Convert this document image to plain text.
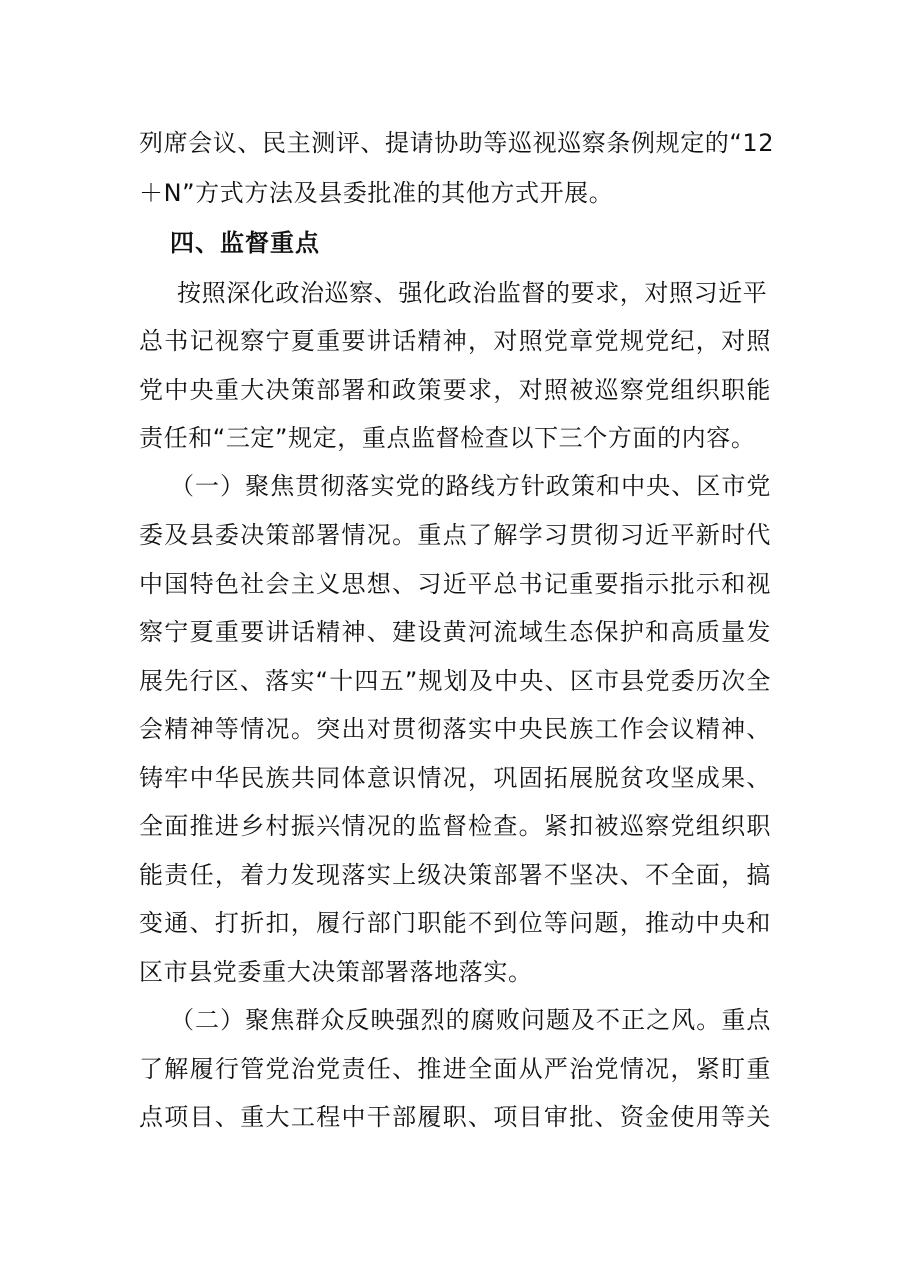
列席会议、民主测评、提请协助等巡视巡察条例规定的“12
＋N”方式方法及县委批准的其他方式开展。
四、监督重点
按照深化政治巡察、强化政治监督的要求，对照习近平
总书记视察宁夏重要讲话精神，对照党章党规党纪，对照
党中央重大决策部署和政策要求，对照被巡察党组织职能
责任和“三定”规定，重点监督检查以下三个方面的内容。
（一）聚焦贯彻落实党的路线方针政策和中央、区市党
委及县委决策部署情况。重点了解学习贯彻习近平新时代
中国特色社会主义思想、习近平总书记重要指示批示和视
察宁夏重要讲话精神、建设黄河流域生态保护和高质量发
展先行区、落实“十四五”规划及中央、区市县党委历次全
会精神等情况。突出对贯彻落实中央民族工作会议精神、
铸牢中华民族共同体意识情况，巩固拓展脱贫攻坚成果、
全面推进乡村振兴情况的监督检查。紧扣被巡察党组织职
能责任，着力发现落实上级决策部署不坚决、不全面，搞
变通、打折扣，履行部门职能不到位等问题，推动中央和
区市县党委重大决策部署落地落实。
（二）聚焦群众反映强烈的腐败问题及不正之风。重点
了解履行管党治党责任、推进全面从严治党情况，紧盯重
点项目、重大工程中干部履职、项目审批、资金使用等关
